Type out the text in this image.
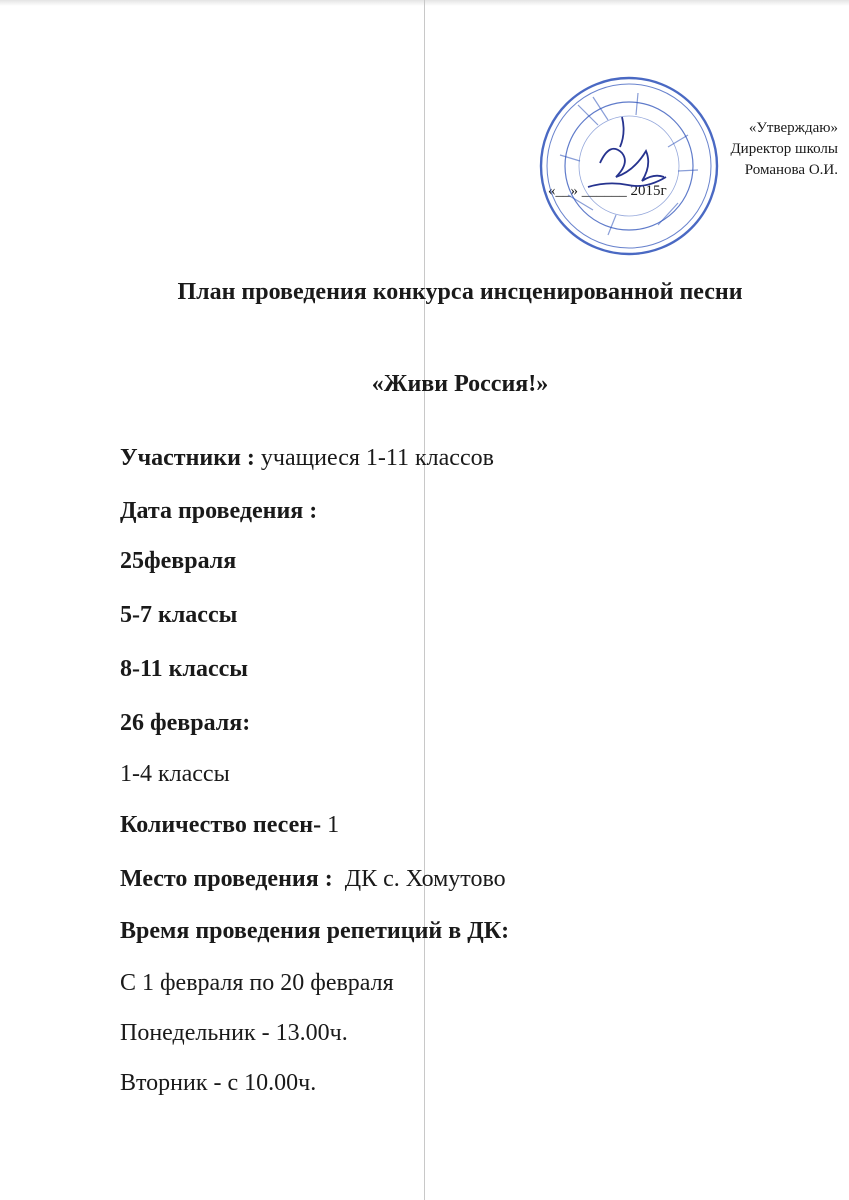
«Утверждаю»
Директор школы
Романова О.И.
«__» ______ 2015г

План проведения конкурса инсценированной песни

«Живи Россия!»

Участники : учащиеся 1-11 классов

Дата проведения :

25февраля

5-7 классы

8-11 классы

26 февраля:

1-4 классы

Количество песен- 1

Место проведения : ДК с. Хомутово

Время проведения репетиций в ДК:

С 1 февраля по 20 февраля

Понедельник - 13.00ч.

Вторник - с 10.00ч.
